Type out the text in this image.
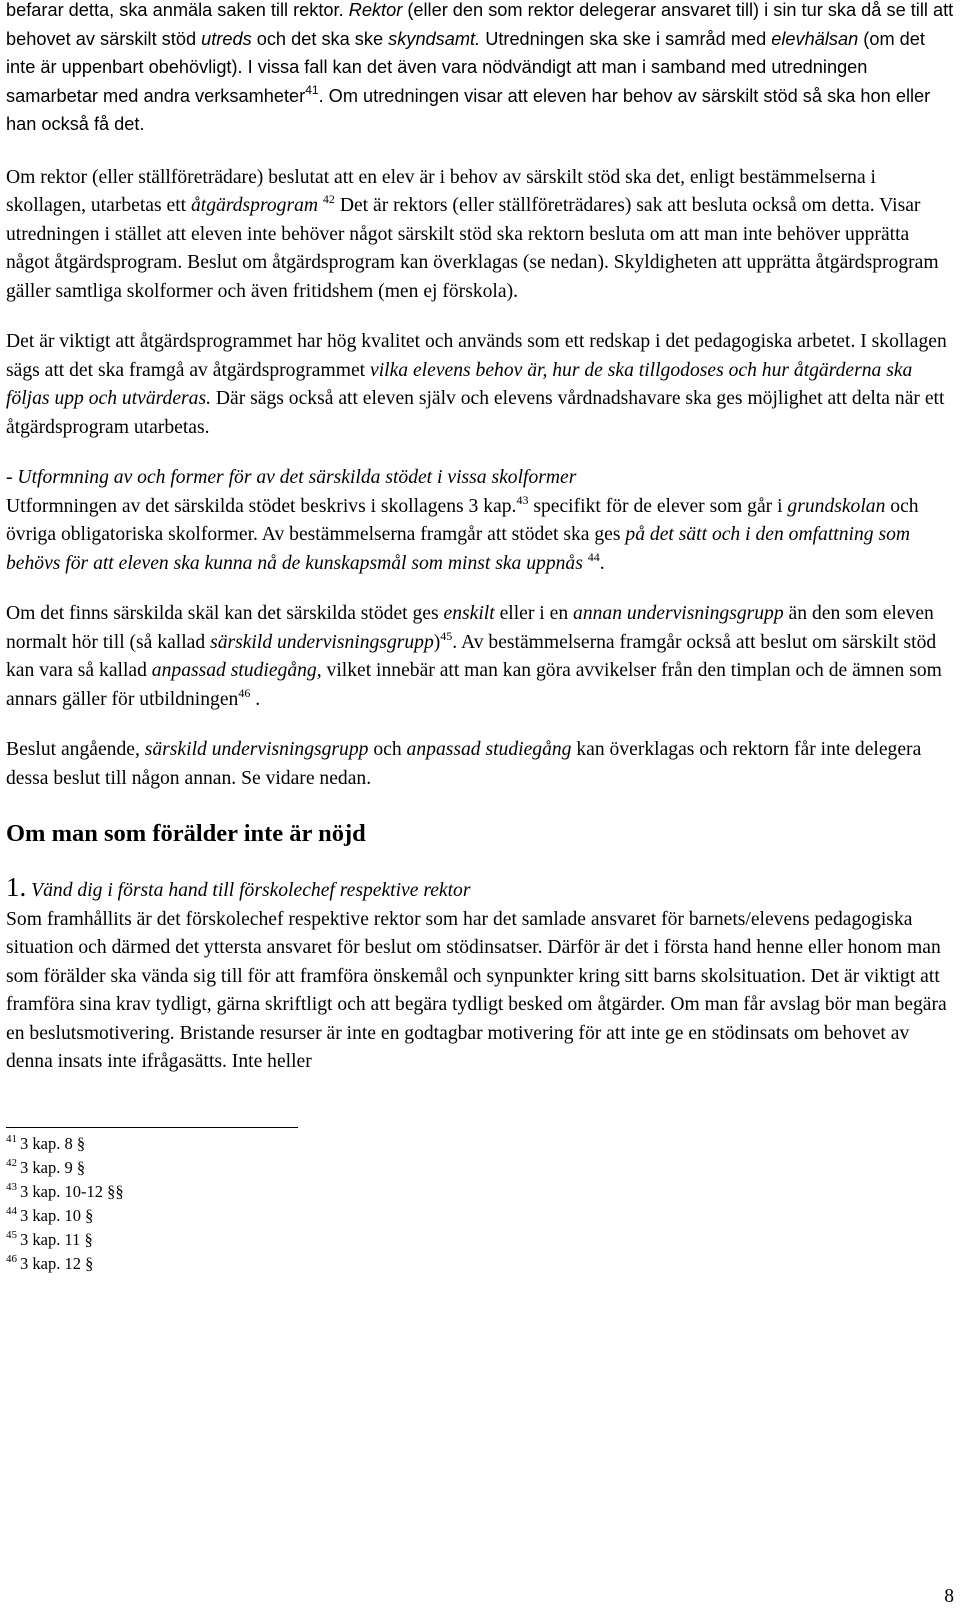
befarar detta, ska anmäla saken till rektor. Rektor (eller den som rektor delegerar ansvaret till) i sin tur ska då se till att behovet av särskilt stöd utreds och det ska ske skyndsamt. Utredningen ska ske i samråd med elevhälsan (om det inte är uppenbart obehövligt). I vissa fall kan det även vara nödvändigt att man i samband med utredningen samarbetar med andra verksamheter$^{41}$. Om utredningen visar att eleven har behov av särskilt stöd så ska hon eller han också få det.

Om rektor (eller ställföreträdare) beslutat att en elev är i behov av särskilt stöd ska det, enligt bestämmelserna i skollagen, utarbetas ett åtgärdsprogram $^{42}$ Det är rektors (eller ställföreträdares) sak att besluta också om detta. Visar utredningen i stället att eleven inte behöver något särskilt stöd ska rektorn besluta om att man inte behöver upprätta något åtgärdsprogram. Beslut om åtgärdsprogram kan överklagas (se nedan). Skyldigheten att upprätta åtgärdsprogram gäller samtliga skolformer och även fritidshem (men ej förskola).

Det är viktigt att åtgärdsprogrammet har hög kvalitet och används som ett redskap i det pedagogiska arbetet. I skollagen sägs att det ska framgå av åtgärdsprogrammet vilka elevens behov är, hur de ska tillgodoses och hur åtgärderna ska följas upp och utvärderas. Där sägs också att eleven själv och elevens vårdnadshavare ska ges möjlighet att delta när ett åtgärdsprogram utarbetas.

- Utformning av och former för av det särskilda stödet i vissa skolformer
Utformningen av det särskilda stödet beskrivs i skollagens 3 kap.$^{43}$ specifikt för de elever som går i grundskolan och övriga obligatoriska skolformer. Av bestämmelserna framgår att stödet ska ges på det sätt och i den omfattning som behövs för att eleven ska kunna nå de kunskapsmål som minst ska uppnås $^{44}$.

Om det finns särskilda skäl kan det särskilda stödet ges enskilt eller i en annan undervisningsgrupp än den som eleven normalt hör till (så kallad särskild undervisningsgrupp)$^{45}$. Av bestämmelserna framgår också att beslut om särskilt stöd kan vara så kallad anpassad studiegång, vilket innebär att man kan göra avvikelser från den timplan och de ämnen som annars gäller för utbildningen$^{46}$ .

Beslut angående, särskild undervisningsgrupp och anpassad studiegång kan överklagas och rektorn får inte delegera dessa beslut till någon annan. Se vidare nedan.

Om man som förälder inte är nöjd

1. Vänd dig i första hand till förskolechef respektive rektor

Som framhållits är det förskolechef respektive rektor som har det samlade ansvaret för barnets/elevens pedagogiska situation och därmed det yttersta ansvaret för beslut om stödinsatser. Därför är det i första hand henne eller honom man som förälder ska vända sig till för att framföra önskemål och synpunkter kring sitt barns skolsituation. Det är viktigt att framföra sina krav tydligt, gärna skriftligt och att begära tydligt besked om åtgärder. Om man får avslag bör man begära en beslutsmotivering. Bristande resurser är inte en godtagbar motivering för att inte ge en stödinsats om behovet av denna insats inte ifrågasätts. Inte heller

$^{41}$ 3 kap. 8 §

$^{42}$ 3 kap. 9 §

$^{43}$ 3 kap. 10-12 §§

$^{44}$ 3 kap. 10 §

$^{45}$ 3 kap. 11 §

$^{46}$ 3 kap. 12 §

8
